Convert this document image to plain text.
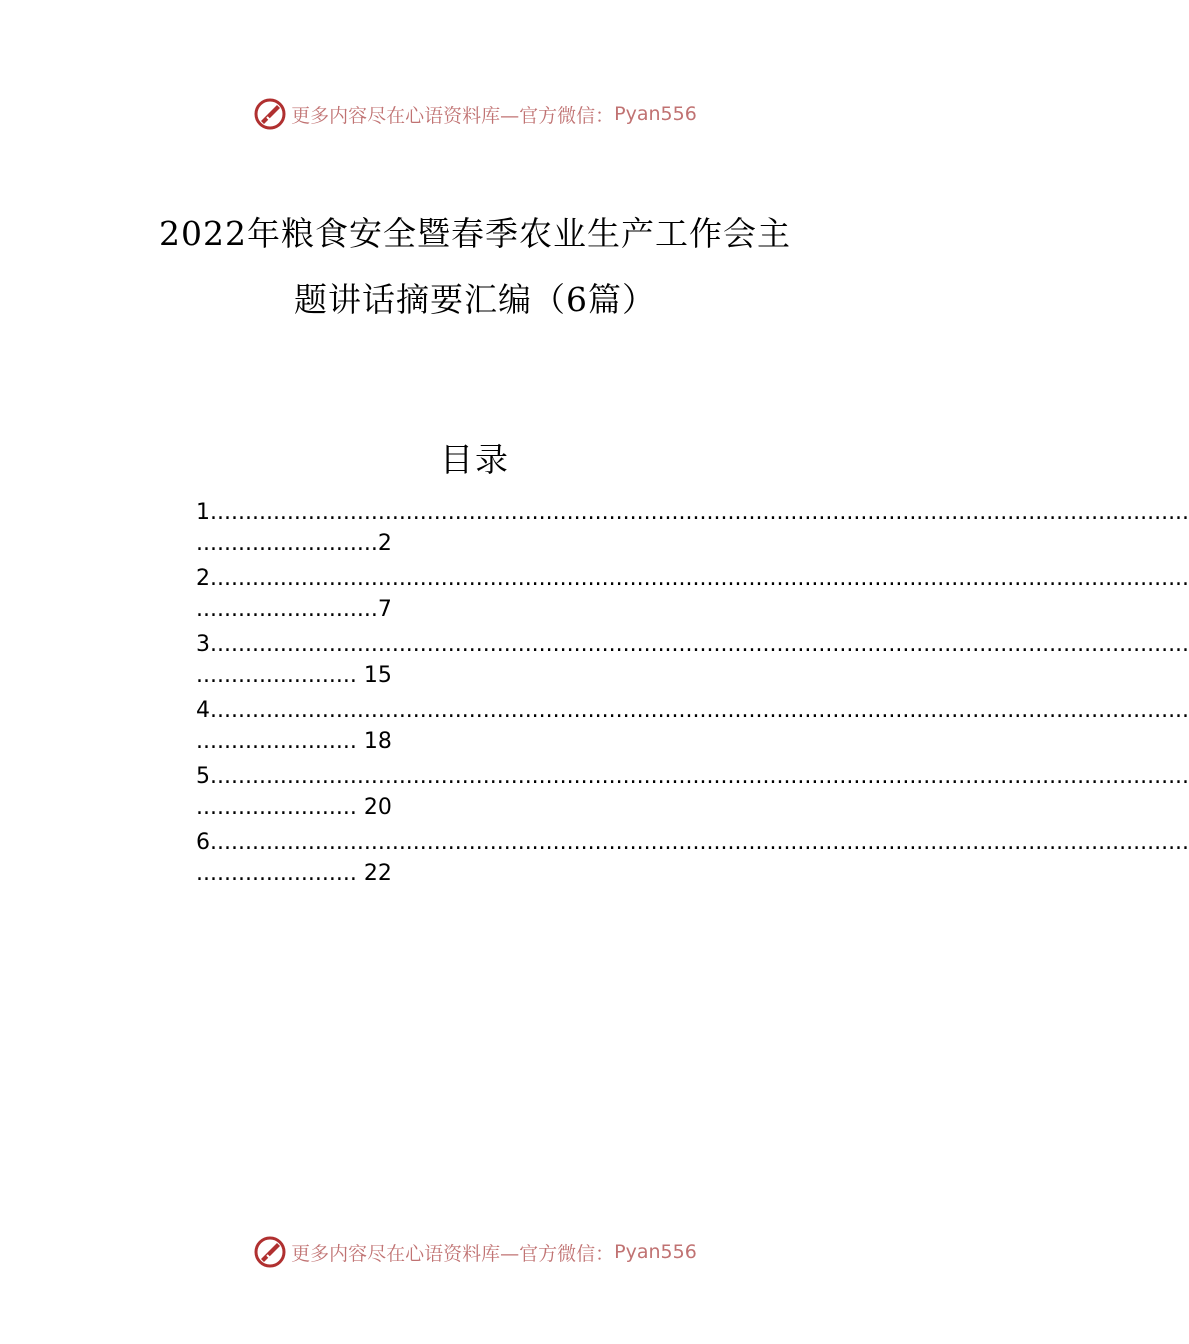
更多内容尽在心语资料库—官方微信： Pyan556
2022年粮食安全暨春季农业生产工作会主
题讲话摘要汇编（6篇）
目录
1............................................................................................................................................
..........................2
2............................................................................................................................................
..........................7
3............................................................................................................................................
....................... 15
4............................................................................................................................................
....................... 18
5............................................................................................................................................
....................... 20
6............................................................................................................................................
....................... 22
更多内容尽在心语资料库—官方微信： Pyan556
